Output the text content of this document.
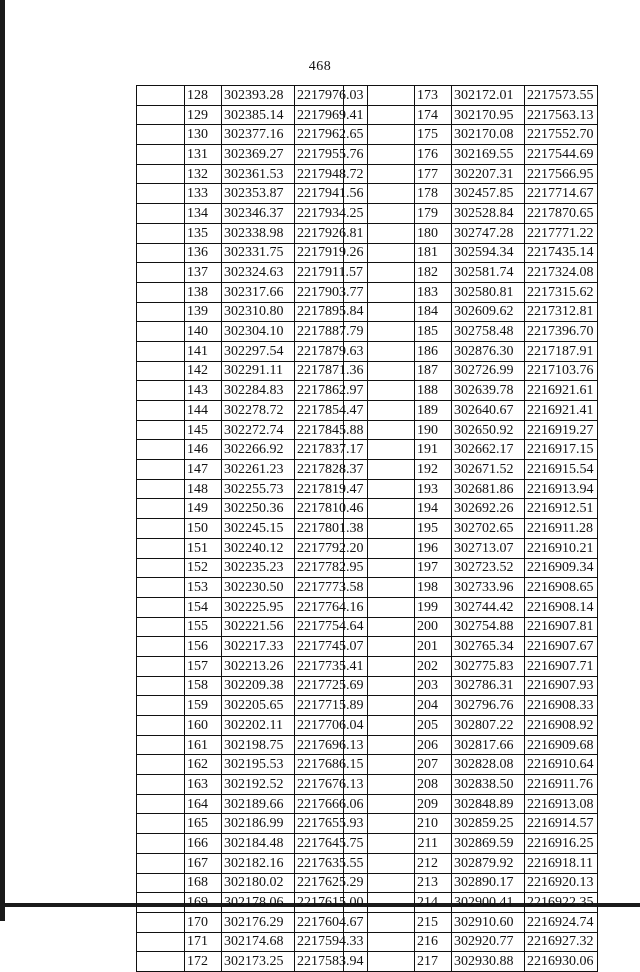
468
	128	302393.28	2217976.03
	129	302385.14	2217969.41
	130	302377.16	2217962.65
	131	302369.27	2217955.76
	132	302361.53	2217948.72
	133	302353.87	2217941.56
	134	302346.37	2217934.25
	135	302338.98	2217926.81
	136	302331.75	2217919.26
	137	302324.63	2217911.57
	138	302317.66	2217903.77
	139	302310.80	2217895.84
	140	302304.10	2217887.79
	141	302297.54	2217879.63
	142	302291.11	2217871.36
	143	302284.83	2217862.97
	144	302278.72	2217854.47
	145	302272.74	2217845.88
	146	302266.92	2217837.17
	147	302261.23	2217828.37
	148	302255.73	2217819.47
	149	302250.36	2217810.46
	150	302245.15	2217801.38
	151	302240.12	2217792.20
	152	302235.23	2217782.95
	153	302230.50	2217773.58
	154	302225.95	2217764.16
	155	302221.56	2217754.64
	156	302217.33	2217745.07
	157	302213.26	2217735.41
	158	302209.38	2217725.69
	159	302205.65	2217715.89
	160	302202.11	2217706.04
	161	302198.75	2217696.13
	162	302195.53	2217686.15
	163	302192.52	2217676.13
	164	302189.66	2217666.06
	165	302186.99	2217655.93
	166	302184.48	2217645.75
	167	302182.16	2217635.55
	168	302180.02	2217625.29
	169	302178.06	2217615.00
	170	302176.29	2217604.67
	171	302174.68	2217594.33
	172	302173.25	2217583.94
	173	302172.01	2217573.55
	174	302170.95	2217563.13
	175	302170.08	2217552.70
	176	302169.55	2217544.69
	177	302207.31	2217566.95
	178	302457.85	2217714.67
	179	302528.84	2217870.65
	180	302747.28	2217771.22
	181	302594.34	2217435.14
	182	302581.74	2217324.08
	183	302580.81	2217315.62
	184	302609.62	2217312.81
	185	302758.48	2217396.70
	186	302876.30	2217187.91
	187	302726.99	2217103.76
	188	302639.78	2216921.61
	189	302640.67	2216921.41
	190	302650.92	2216919.27
	191	302662.17	2216917.15
	192	302671.52	2216915.54
	193	302681.86	2216913.94
	194	302692.26	2216912.51
	195	302702.65	2216911.28
	196	302713.07	2216910.21
	197	302723.52	2216909.34
	198	302733.96	2216908.65
	199	302744.42	2216908.14
	200	302754.88	2216907.81
	201	302765.34	2216907.67
	202	302775.83	2216907.71
	203	302786.31	2216907.93
	204	302796.76	2216908.33
	205	302807.22	2216908.92
	206	302817.66	2216909.68
	207	302828.08	2216910.64
	208	302838.50	2216911.76
	209	302848.89	2216913.08
	210	302859.25	2216914.57
	211	302869.59	2216916.25
	212	302879.92	2216918.11
	213	302890.17	2216920.13
	214	302900.41	2216922.35
	215	302910.60	2216924.74
	216	302920.77	2216927.32
	217	302930.88	2216930.06
